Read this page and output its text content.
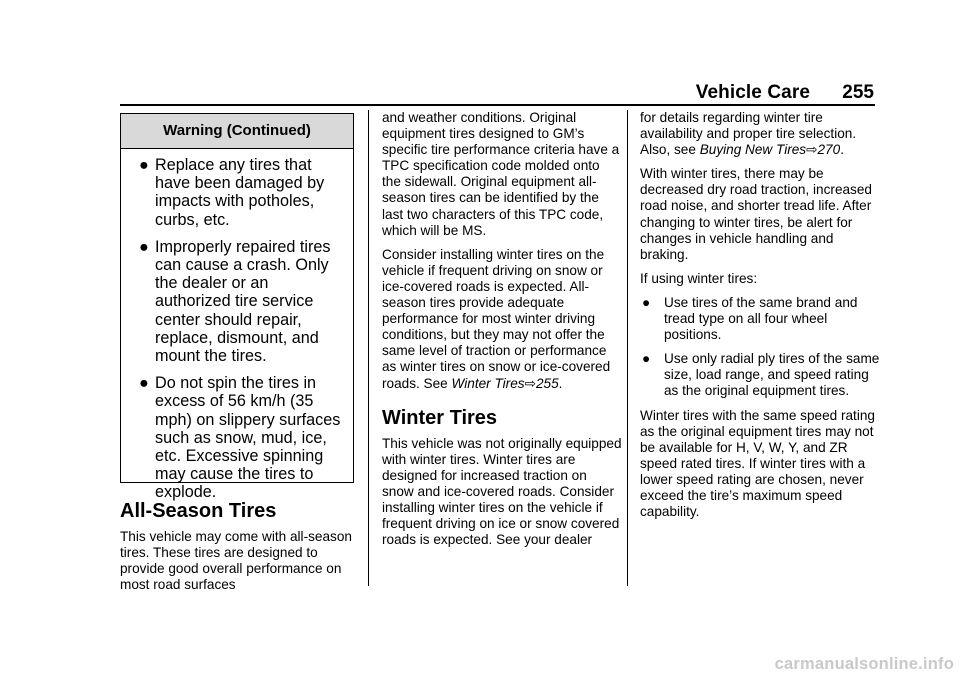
Vehicle Care 255
Warning (Continued)
● Replace any tires that have been damaged by impacts with potholes, curbs, etc.
● Improperly repaired tires can cause a crash. Only the dealer or an authorized tire service center should repair, replace, dismount, and mount the tires.
● Do not spin the tires in excess of 56 km/h (35 mph) on slippery surfaces such as snow, mud, ice, etc. Excessive spinning may cause the tires to explode.
All-Season Tires

This vehicle may come with all-season tires. These tires are designed to provide good overall performance on most road surfaces

and weather conditions. Original equipment tires designed to GM’s specific tire performance criteria have a TPC specification code molded onto the sidewall. Original equipment all-season tires can be identified by the last two characters of this TPC code, which will be MS.

Consider installing winter tires on the vehicle if frequent driving on snow or ice-covered roads is expected. All-season tires provide adequate performance for most winter driving conditions, but they may not offer the same level of traction or performance as winter tires on snow or ice-covered roads. See Winter Tires⇨255.

Winter Tires

This vehicle was not originally equipped with winter tires. Winter tires are designed for increased traction on snow and ice-covered roads. Consider installing winter tires on the vehicle if frequent driving on ice or snow covered roads is expected. See your dealer

for details regarding winter tire availability and proper tire selection. Also, see Buying New Tires⇨270.

With winter tires, there may be decreased dry road traction, increased road noise, and shorter tread life. After changing to winter tires, be alert for changes in vehicle handling and braking.

If using winter tires:

●	Use tires of the same brand and tread type on all four wheel positions.
●	Use only radial ply tires of the same size, load range, and speed rating as the original equipment tires.

Winter tires with the same speed rating as the original equipment tires may not be available for H, V, W, Y, and ZR speed rated tires. If winter tires with a lower speed rating are chosen, never exceed the tire’s maximum speed capability.

carmanualsonline.info
